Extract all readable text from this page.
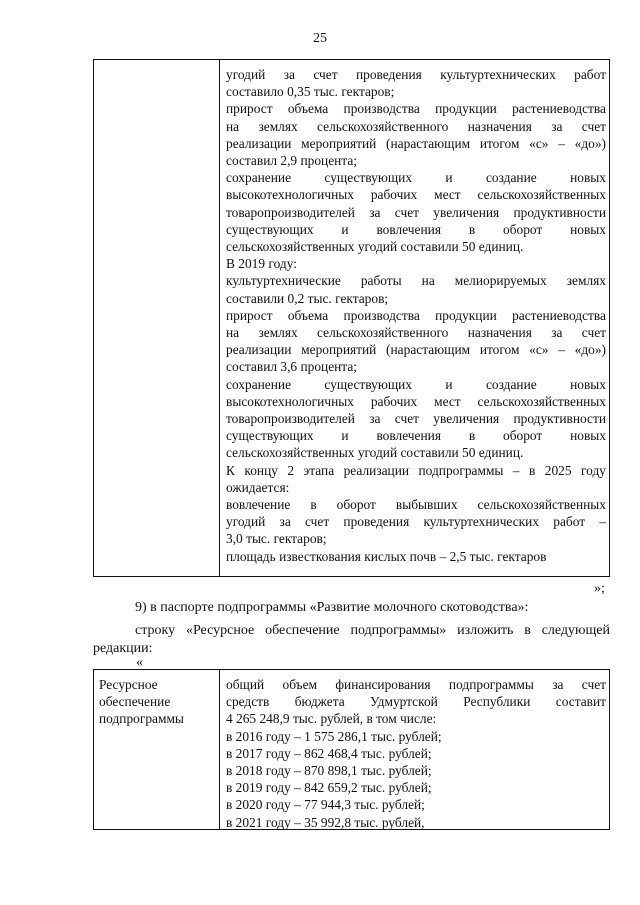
25
угодий за счет проведения культуртехнических работ
составило 0,35 тыс. гектаров;
прирост объема производства продукции растениеводства
на землях сельскохозяйственного назначения за счет
реализации мероприятий (нарастающим итогом «с» – «до»)
составил 2,9 процента;
сохранение существующих и создание новых
высокотехнологичных рабочих мест сельскохозяйственных
товаропроизводителей за счет увеличения продуктивности
существующих и вовлечения в оборот новых
сельскохозяйственных угодий составили 50 единиц.
В 2019 году:
культуртехнические работы на мелиорируемых землях
составили 0,2 тыс. гектаров;
прирост объема производства продукции растениеводства
на землях сельскохозяйственного назначения за счет
реализации мероприятий (нарастающим итогом «с» – «до»)
составил 3,6 процента;
сохранение существующих и создание новых
высокотехнологичных рабочих мест сельскохозяйственных
товаропроизводителей за счет увеличения продуктивности
существующих и вовлечения в оборот новых
сельскохозяйственных угодий составили 50 единиц.
К концу 2 этапа реализации подпрограммы – в 2025 году
ожидается:
вовлечение в оборот выбывших сельскохозяйственных
угодий за счет проведения культуртехнических работ –
3,0 тыс. гектаров;
площадь известкования кислых почв – 2,5 тыс. гектаров
»;
9) в паспорте подпрограммы «Развитие молочного скотоводства»:
строку «Ресурсное обеспечение подпрограммы» изложить в следующей
редакции:
«
Ресурсное
обеспечение
подпрограммы
общий объем финансирования подпрограммы за счет
средств бюджета Удмуртской Республики составит
4 265 248,9 тыс. рублей, в том числе:
в 2016 году – 1 575 286,1 тыс. рублей;
в 2017 году – 862 468,4 тыс. рублей;
в 2018 году – 870 898,1 тыс. рублей;
в 2019 году – 842 659,2 тыс. рублей;
в 2020 году – 77 944,3 тыс. рублей;
в 2021 году – 35 992,8 тыс. рублей,
